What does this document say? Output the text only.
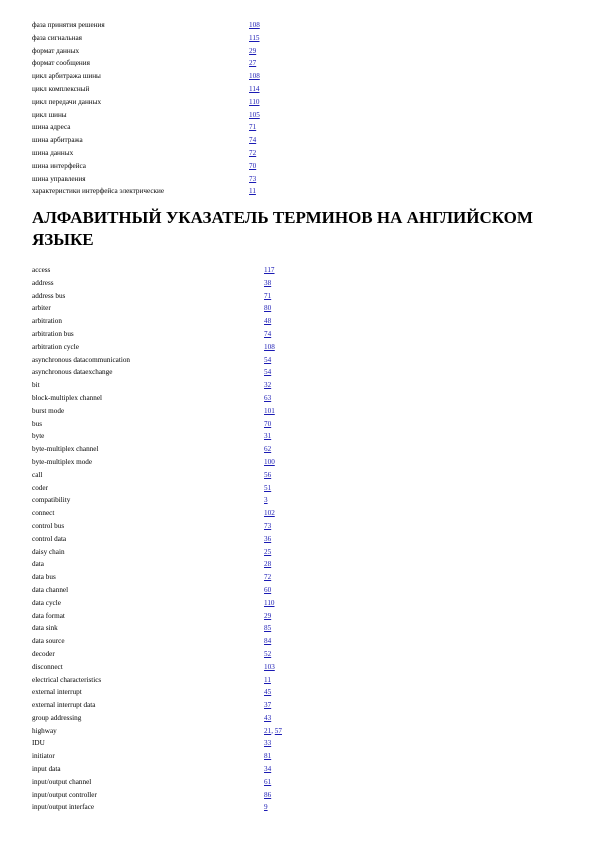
фаза принятия решения	108
фаза сигнальная	115
формат данных	29
формат сообщения	27
цикл арбитража шины	108
цикл комплексный	114
цикл передачи данных	110
цикл шины	105
шина адреса	71
шина арбитража	74
шина данных	72
шина интерфейса	70
шина управления	73
характеристики интерфейса электрические	11
АЛФАВИТНЫЙ УКАЗАТЕЛЬ ТЕРМИНОВ НА АНГЛИЙСКОМ ЯЗЫКЕ
access	117
address	38
address bus	71
arbiter	80
arbitration	48
arbitration bus	74
arbitration cycle	108
asynchronous datacommunication	54
asynchronous dataexchange	54
bit	32
block-multiplex channel	63
burst mode	101
bus	70
byte	31
byte-multiplex channel	62
byte-multiplex mode	100
call	56
coder	51
compatibility	3
connect	102
control bus	73
control data	36
daisy chain	25
data	28
data bus	72
data channel	60
data cycle	110
data format	29
data sink	85
data source	84
decoder	52
disconnect	103
electrical characteristics	11
external interrupt	45
external interrupt data	37
group addressing	43
highway	21, 57
IDU	33
initiator	81
input data	34
input/output channel	61
input/output controller	86
input/output interface	9
